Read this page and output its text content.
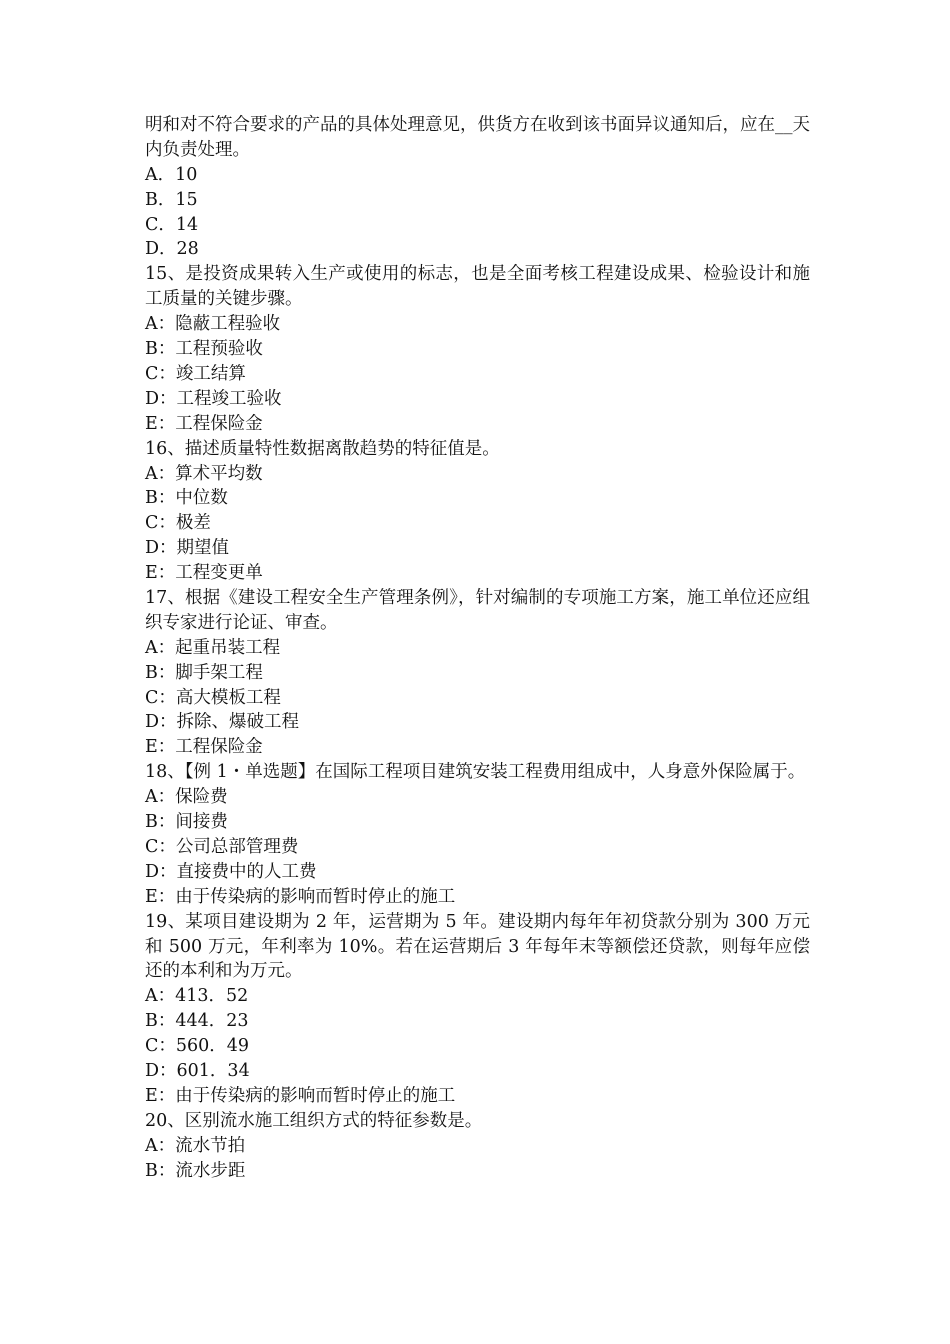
明和对不符合要求的产品的具体处理意见，供货方在收到该书面异议通知后，应在__天内负责处理。
A．10
B．15
C．14
D．28
15、是投资成果转入生产或使用的标志，也是全面考核工程建设成果、检验设计和施工质量的关键步骤。
A：隐蔽工程验收
B：工程预验收
C：竣工结算
D：工程竣工验收
E：工程保险金
16、描述质量特性数据离散趋势的特征值是。
A：算术平均数
B：中位数
C：极差
D：期望值
E：工程变更单
17、根据《建设工程安全生产管理条例》，针对编制的专项施工方案，施工单位还应组织专家进行论证、审查。
A：起重吊装工程
B：脚手架工程
C：高大模板工程
D：拆除、爆破工程
E：工程保险金
18、【例 1・单选题】在国际工程项目建筑安装工程费用组成中，人身意外保险属于。
A：保险费
B：间接费
C：公司总部管理费
D：直接费中的人工费
E：由于传染病的影响而暂时停止的施工
19、某项目建设期为 2 年，运营期为 5 年。建设期内每年年初贷款分别为 300 万元和 500 万元，年利率为 10%。若在运营期后 3 年每年末等额偿还贷款，则每年应偿还的本利和为万元。
A：413．52
B：444．23
C：560．49
D：601．34
E：由于传染病的影响而暂时停止的施工
20、区别流水施工组织方式的特征参数是。
A：流水节拍
B：流水步距
